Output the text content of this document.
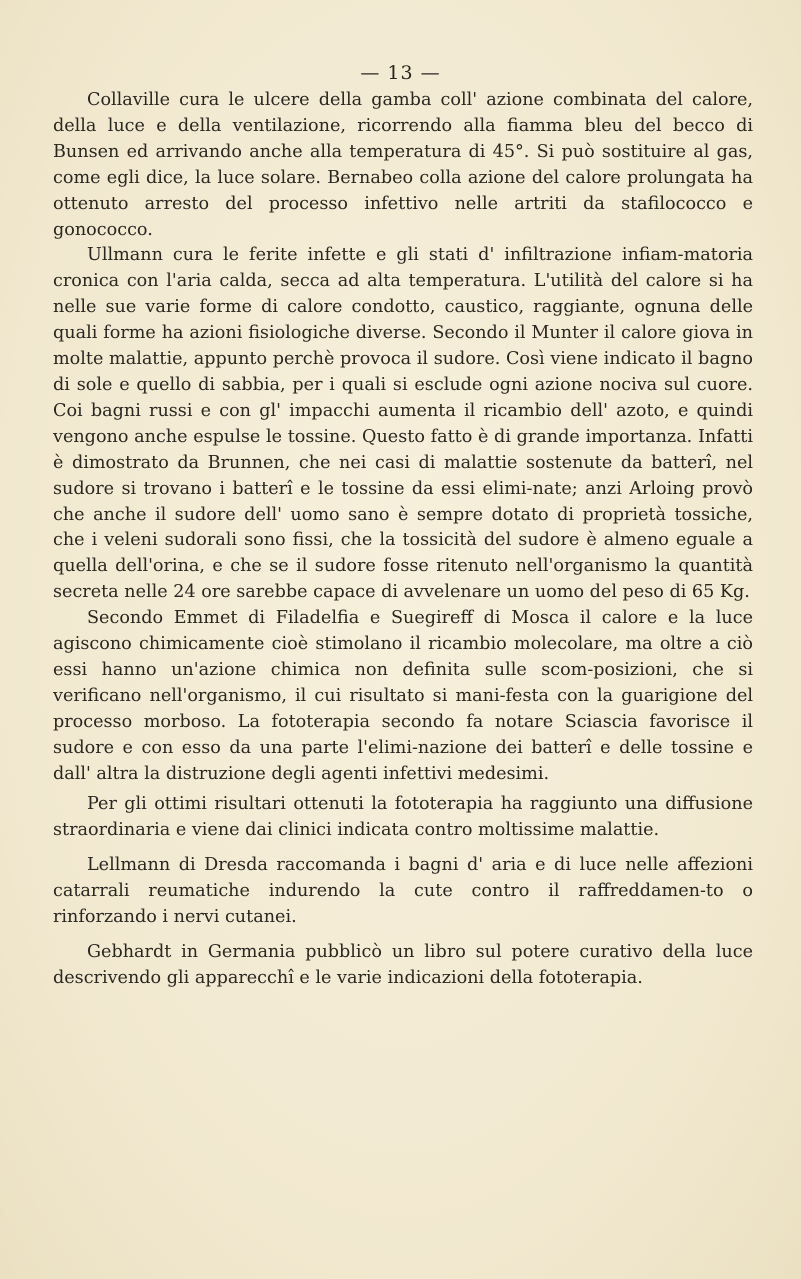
— 13 —

Collaville cura le ulcere della gamba coll' azione combinata del calore, della luce e della ventilazione, ricorrendo alla fiamma bleu del becco di Bunsen ed arrivando anche alla temperatura di 45°. Si può sostituire al gas, come egli dice, la luce solare. Bernabeo colla azione del calore prolungata ha ottenuto arresto del processo infettivo nelle artriti da stafilococco e gonococco.

Ullmann cura le ferite infette e gli stati d' infiltrazione infiam-matoria cronica con l'aria calda, secca ad alta temperatura. L'utilità del calore si ha nelle sue varie forme di calore condotto, caustico, raggiante, ognuna delle quali forme ha azioni fisiologiche diverse. Secondo il Munter il calore giova in molte malattie, appunto perchè provoca il sudore. Così viene indicato il bagno di sole e quello di sabbia, per i quali si esclude ogni azione nociva sul cuore. Coi bagni russi e con gl' impacchi aumenta il ricambio dell' azoto, e quindi vengono anche espulse le tossine. Questo fatto è di grande importanza. Infatti è dimostrato da Brunnen, che nei casi di malattie sostenute da batterî, nel sudore si trovano i batterî e le tossine da essi elimi-nate; anzi Arloing provò che anche il sudore dell' uomo sano è sempre dotato di proprietà tossiche, che i veleni sudorali sono fissi, che la tossicità del sudore è almeno eguale a quella dell'orina, e che se il sudore fosse ritenuto nell'organismo la quantità secreta nelle 24 ore sarebbe capace di avvelenare un uomo del peso di 65 Kg.

Secondo Emmet di Filadelfia e Suegireff di Mosca il calore e la luce agiscono chimicamente cioè stimolano il ricambio molecolare, ma oltre a ciò essi hanno un'azione chimica non definita sulle scom-posizioni, che si verificano nell'organismo, il cui risultato si mani-festa con la guarigione del processo morboso. La fototerapia secondo fa notare Sciascia favorisce il sudore e con esso da una parte l'elimi-nazione dei batterî e delle tossine e dall' altra la distruzione degli agenti infettivi medesimi.

Per gli ottimi risultari ottenuti la fototerapia ha raggiunto una diffusione straordinaria e viene dai clinici indicata contro moltissime malattie.

Lellmann di Dresda raccomanda i bagni d' aria e di luce nelle affezioni catarrali reumatiche indurendo la cute contro il raffreddamen-to o rinforzando i nervi cutanei.

Gebhardt in Germania pubblicò un libro sul potere curativo della luce descrivendo gli apparecchî e le varie indicazioni della fototerapia.
